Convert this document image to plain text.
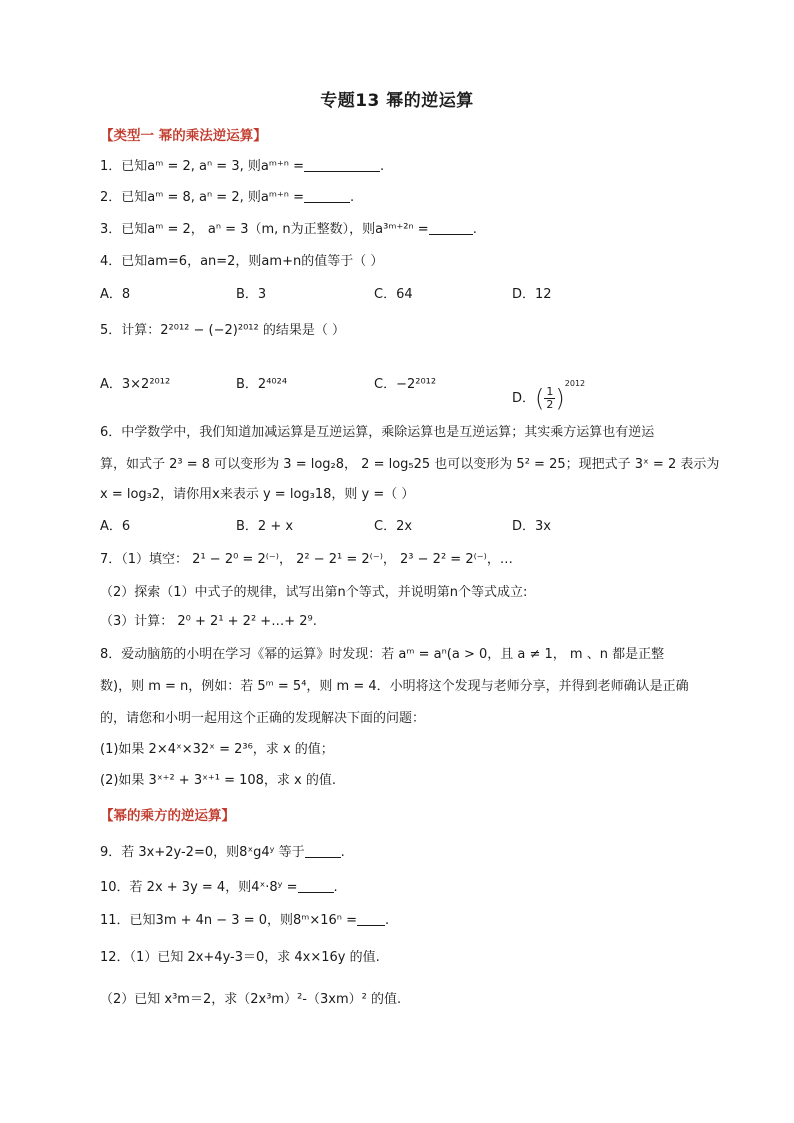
专题13 幂的逆运算
【类型一 幂的乘法逆运算】
1．已知aᵐ = 2, aⁿ = 3, 则aᵐ⁺ⁿ =	.
2．已知aᵐ = 8, aⁿ = 2, 则aᵐ⁺ⁿ =	.
3．已知aᵐ = 2， aⁿ = 3（m, n为正整数），则a³ᵐ⁺²ⁿ =	.
4．已知am=6，an=2，则am+n的值等于（ ）
A．8	B．3	C．64	D．12
5．计算：2²⁰¹² − (−2)²⁰¹² 的结果是（ ）
A．3×2²⁰¹²	B．2⁴⁰²⁴	C．−2²⁰¹²
D．( $\frac{1}{2} )^{2012}$
6．中学数学中，我们知道加减运算是互逆运算，乘除运算也是互逆运算；其实乘方运算也有逆运
算，如式子 2³ = 8 可以变形为 3 = log₂8， 2 = log₅25 也可以变形为 5² = 25；现把式子 3ˣ = 2 表示为
x = log₃2，请你用x来表示 y = log₃18，则 y =（ ）
A．6	B．2 + x	C．2x	D．3x
7．（1）填空： 2¹ − 2⁰ = 2⁽⁻⁾， 2² − 2¹ = 2⁽⁻⁾， 2³ − 2² = 2⁽⁻⁾，…
（2）探索（1）中式子的规律，试写出第n个等式，并说明第n个等式成立:
（3）计算： 2⁰ + 2¹ + 2² +…+ 2⁹.
8．爱动脑筋的小明在学习《幂的运算》时发现：若 aᵐ = aⁿ(a > 0，且 a ≠ 1， m 、n 都是正整
数)，则 m = n，例如：若 5ᵐ = 5⁴，则 m = 4．小明将这个发现与老师分享，并得到老师确认是正确
的，请您和小明一起用这个正确的发现解决下面的问题：
(1)如果 2×4ˣ×32ˣ = 2³⁶，求 x 的值；
(2)如果 3ˣ⁺² + 3ˣ⁺¹ = 108，求 x 的值.
【幂的乘方的逆运算】
9．若 3x+2y-2=0，则8ˣg4ʸ 等于	.
10．若 2x + 3y = 4，则4ˣ·8ʸ =	.
11．已知3m + 4n − 3 = 0，则8ᵐ×16ⁿ = .
12．（1）已知 2x+4y-3＝0，求 4x×16y 的值.
（2）已知 x³m＝2，求（2x³m）²-（3xm）² 的值.
